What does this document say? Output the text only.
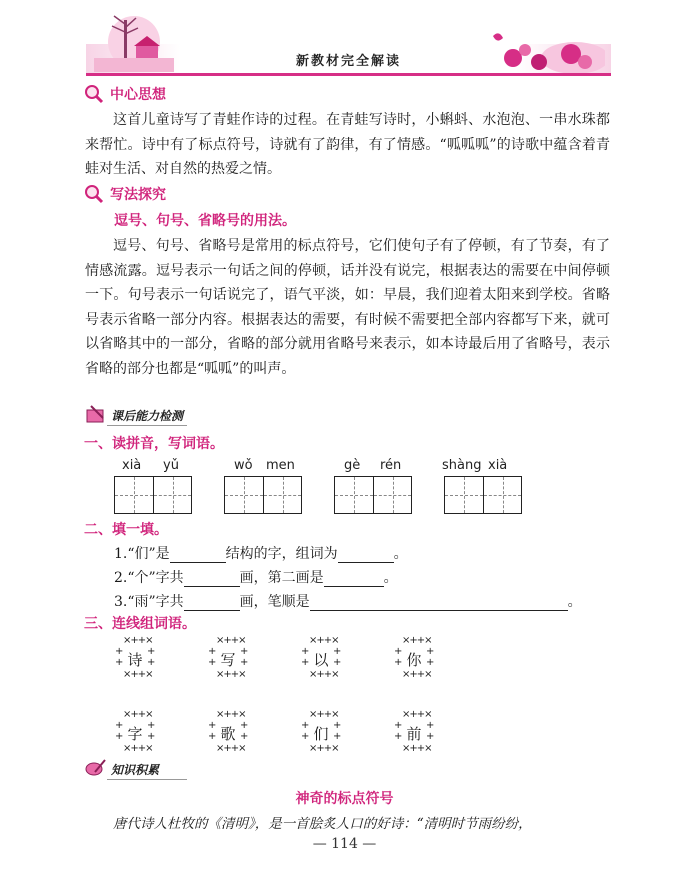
新教材完全解读
中心思想

这首儿童诗写了青蛙作诗的过程。在青蛙写诗时，小蝌蚪、水泡泡、一串水珠都来帮忙。诗中有了标点符号，诗就有了韵律，有了情感。“呱呱呱”的诗歌中蕴含着青蛙对生活、对自然的热爱之情。

写法探究
逗号、句号、省略号的用法。

逗号、句号、省略号是常用的标点符号，它们使句子有了停顿，有了节奏，有了情感流露。逗号表示一句话之间的停顿，话并没有说完，根据表达的需要在中间停顿一下。句号表示一句话说完了，语气平淡，如：早晨，我们迎着太阳来到学校。省略号表示省略一部分内容。根据表达的需要，有时候不需要把全部内容都写下来，就可以省略其中的一部分，省略的部分就用省略号来表示，如本诗最后用了省略号，表示省略的部分也都是“呱呱”的叫声。

课后能力检测
一、读拼音，写词语。
xià yǔ	wǒ men	gè rén	shàng xià
二、填一填。
1.“们”是	结构的字，组词为	。
2.“个”字共	画，第二画是	。
3.“雨”字共	画，笔顺是	。
三、连线组词语。
×++×
×++×
+
+
+
+
诗
×++×
×++×
+
+
+
+
写
×++×
×++×
+
+
+
+
以
×++×
×++×
+
+
+
+
你
×++×
×++×
+
+
+
+
字
×++×
×++×
+
+
+
+
歌
×++×
×++×
+
+
+
+
们
×++×
×++×
+
+
+
+
前
知识积累
神奇的标点符号
唐代诗人杜牧的《清明》，是一首脍炙人口的好诗：“清明时节雨纷纷，
— 114 —
